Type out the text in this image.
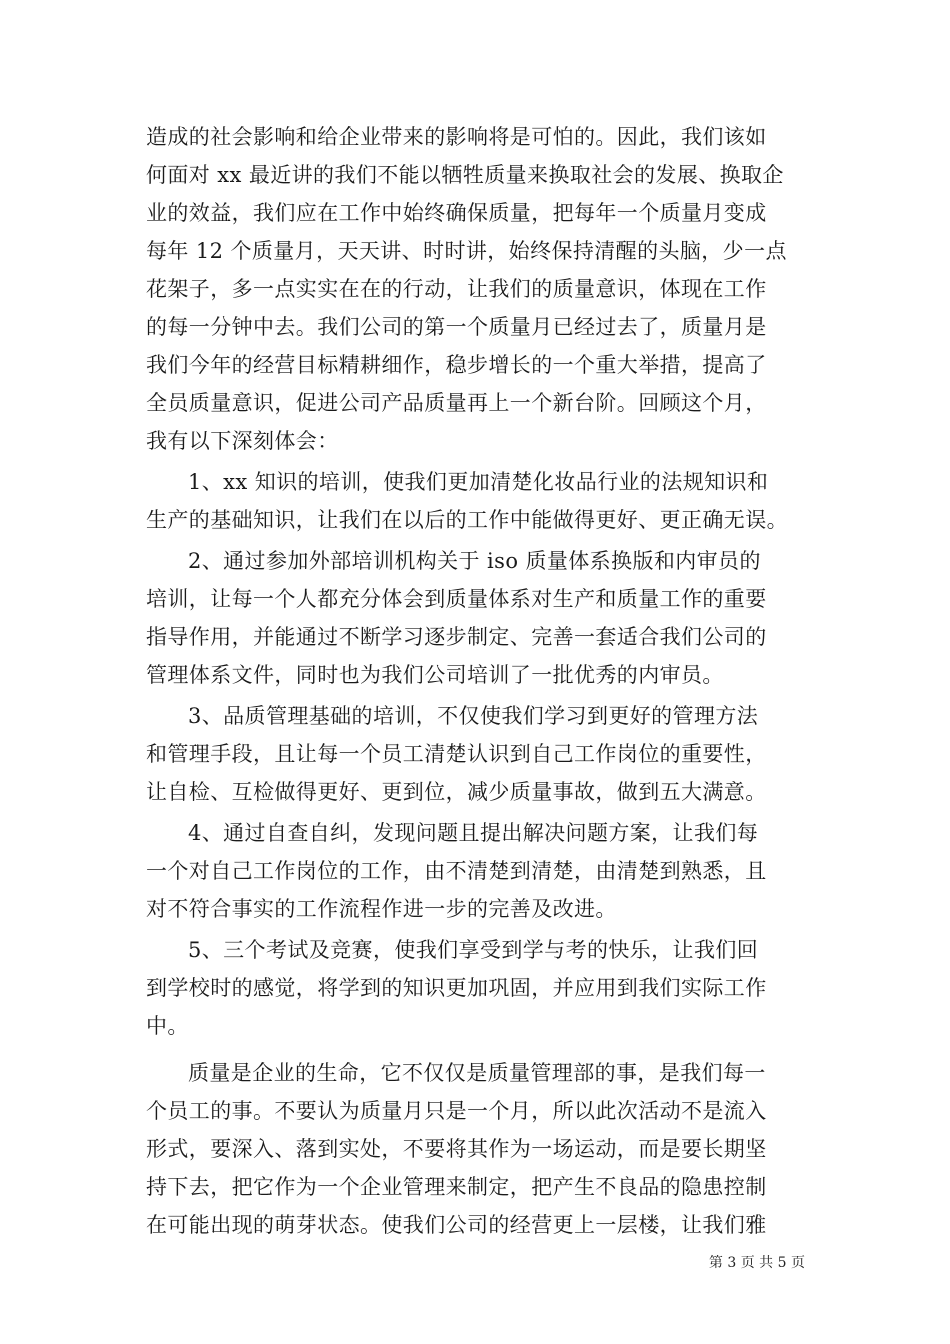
造成的社会影响和给企业带来的影响将是可怕的。因此，我们该如
何面对 xx 最近讲的我们不能以牺牲质量来换取社会的发展、换取企
业的效益，我们应在工作中始终确保质量，把每年一个质量月变成
每年 12 个质量月，天天讲、时时讲，始终保持清醒的头脑，少一点
花架子，多一点实实在在的行动，让我们的质量意识，体现在工作
的每一分钟中去。我们公司的第一个质量月已经过去了，质量月是
我们今年的经营目标精耕细作，稳步增长的一个重大举措，提高了
全员质量意识，促进公司产品质量再上一个新台阶。回顾这个月，
我有以下深刻体会：
1、xx 知识的培训，使我们更加清楚化妆品行业的法规知识和
生产的基础知识，让我们在以后的工作中能做得更好、更正确无误。
2、通过参加外部培训机构关于 iso 质量体系换版和内审员的
培训，让每一个人都充分体会到质量体系对生产和质量工作的重要
指导作用，并能通过不断学习逐步制定、完善一套适合我们公司的
管理体系文件，同时也为我们公司培训了一批优秀的内审员。
3、品质管理基础的培训，不仅使我们学习到更好的管理方法
和管理手段，且让每一个员工清楚认识到自己工作岗位的重要性，
让自检、互检做得更好、更到位，减少质量事故，做到五大满意。
4、通过自查自纠，发现问题且提出解决问题方案，让我们每
一个对自己工作岗位的工作，由不清楚到清楚，由清楚到熟悉，且
对不符合事实的工作流程作进一步的完善及改进。
5、三个考试及竞赛，使我们享受到学与考的快乐，让我们回
到学校时的感觉，将学到的知识更加巩固，并应用到我们实际工作
中。
质量是企业的生命，它不仅仅是质量管理部的事，是我们每一
个员工的事。不要认为质量月只是一个月，所以此次活动不是流入
形式，要深入、落到实处，不要将其作为一场运动，而是要长期坚
持下去，把它作为一个企业管理来制定，把产生不良品的隐患控制
在可能出现的萌芽状态。使我们公司的经营更上一层楼，让我们雅
第 3 页 共 5 页
